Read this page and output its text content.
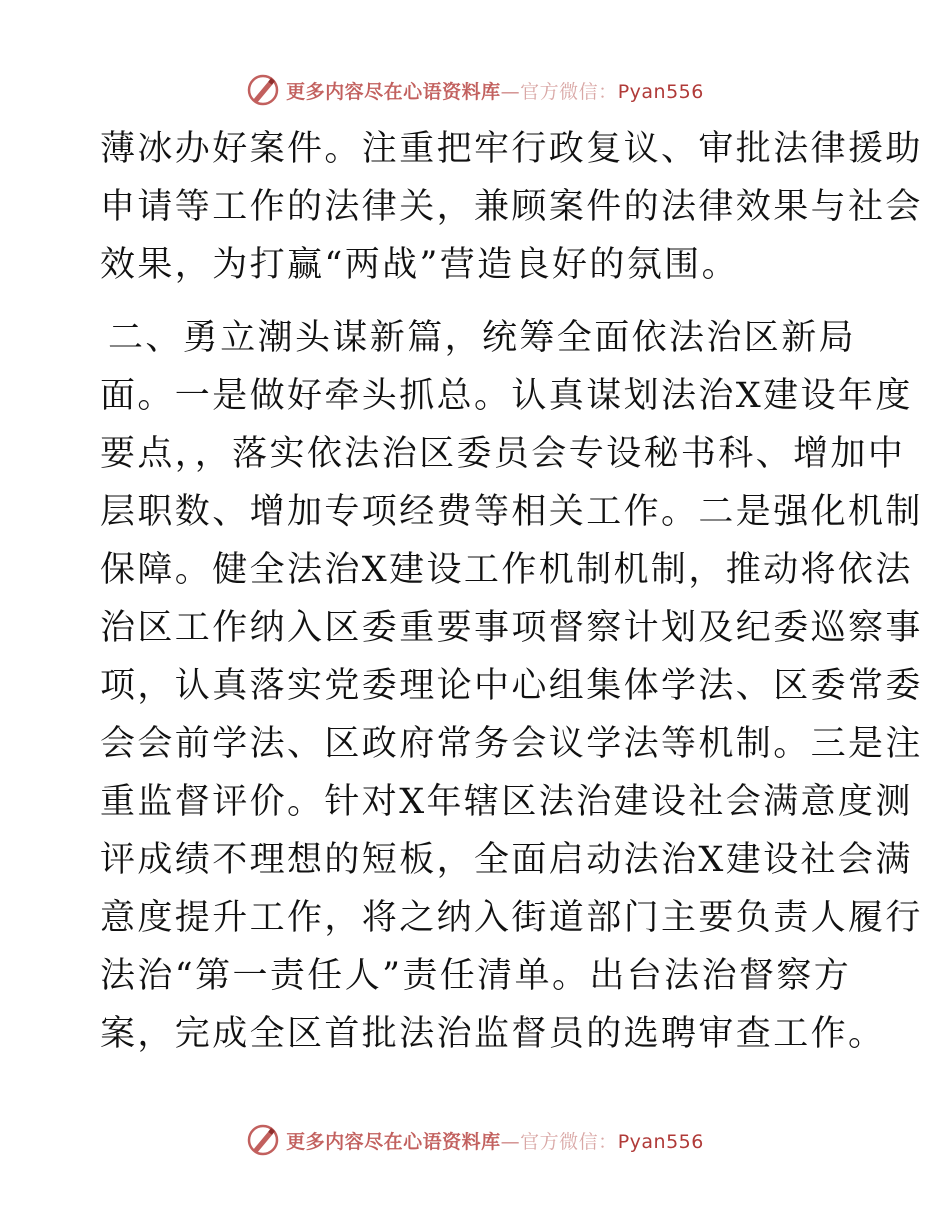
更多内容尽在心语资料库—官方微信：Pyan556
薄冰办好案件。注重把牢行政复议、审批法律援助
申请等工作的法律关，兼顾案件的法律效果与社会
效果，为打赢“两战”营造良好的氛围。
二、勇立潮头谋新篇，统筹全面依法治区新局
面。一是做好牵头抓总。认真谋划法治X建设年度
要点，，落实依法治区委员会专设秘书科、增加中
层职数、增加专项经费等相关工作。二是强化机制
保障。健全法治X建设工作机制机制，推动将依法
治区工作纳入区委重要事项督察计划及纪委巡察事
项，认真落实党委理论中心组集体学法、区委常委
会会前学法、区政府常务会议学法等机制。三是注
重监督评价。针对X年辖区法治建设社会满意度测
评成绩不理想的短板，全面启动法治X建设社会满
意度提升工作，将之纳入街道部门主要负责人履行
法治“第一责任人”责任清单。出台法治督察方
案，完成全区首批法治监督员的选聘审查工作。
更多内容尽在心语资料库—官方微信：Pyan556
